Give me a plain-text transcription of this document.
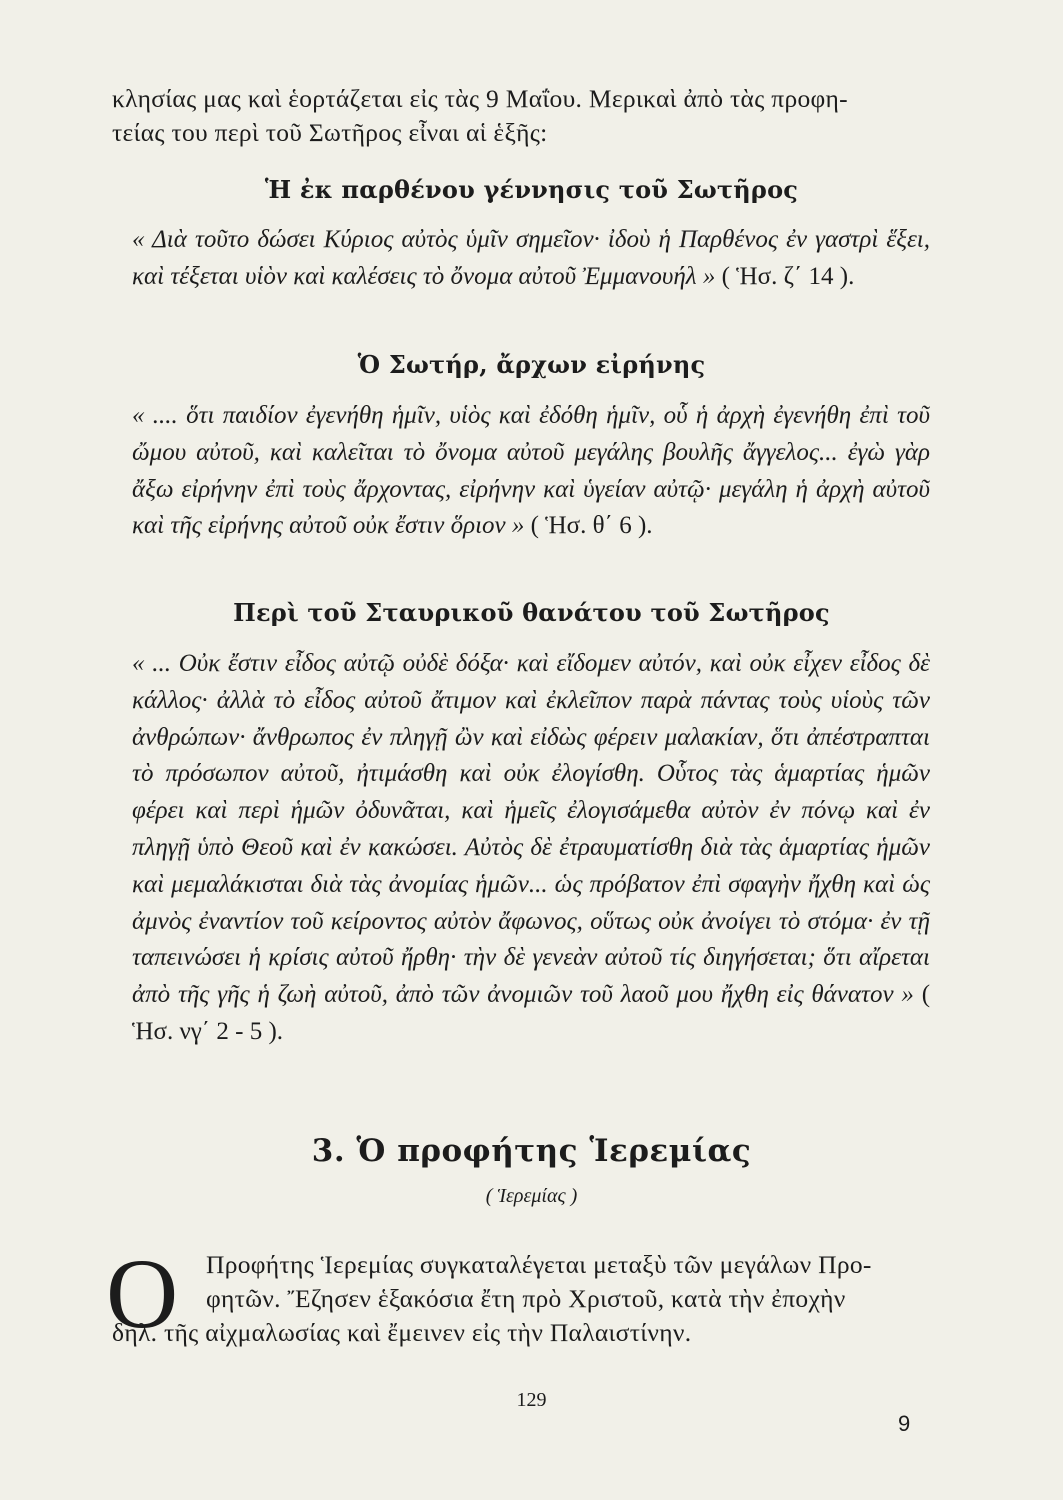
κλησίας μας καὶ ἑορτάζεται εἰς τὰς 9 Μαΐου. Μερικαὶ ἀπὸ τὰς προφη-

τείας του περὶ τοῦ Σωτῆρος εἶναι αἱ ἑξῆς:

Ἡ ἐκ παρθένου γέννησις τοῦ Σωτῆρος

« Διὰ τοῦτο δώσει Κύριος αὐτὸς ὑμῖν σημεῖον· ἰδοὺ ἡ Παρθένος ἐν γαστρὶ ἕξει, καὶ τέξεται υἱὸν καὶ καλέσεις τὸ ὄνομα αὐτοῦ Ἐμμανουήλ » ( Ἡσ. ζ΄ 14 ).

Ὁ Σωτήρ, ἄρχων εἰρήνης

« .... ὅτι παιδίον ἐγενήθη ἡμῖν, υἱὸς καὶ ἐδόθη ἡμῖν, οὗ ἡ ἀρχὴ ἐγενήθη ἐπὶ τοῦ ὤμου αὐτοῦ, καὶ καλεῖται τὸ ὄνομα αὐτοῦ μεγάλης βουλῆς ἄγγελος... ἐγὼ γὰρ ἄξω εἰρήνην ἐπὶ τοὺς ἄρχοντας, εἰρήνην καὶ ὑγείαν αὐτῷ· μεγάλη ἡ ἀρχὴ αὐτοῦ καὶ τῆς εἰρήνης αὐτοῦ οὐκ ἔστιν ὅριον » ( Ἡσ. θ΄ 6 ).

Περὶ τοῦ Σταυρικοῦ θανάτου τοῦ Σωτῆρος

« ... Οὐκ ἔστιν εἶδος αὐτῷ οὐδὲ δόξα· καὶ εἴδομεν αὐτόν, καὶ οὐκ εἶχεν εἶδος δὲ κάλλος· ἀλλὰ τὸ εἶδος αὐτοῦ ἄτιμον καὶ ἐκλεῖπον παρὰ πάντας τοὺς υἱοὺς τῶν ἀνθρώπων· ἄνθρωπος ἐν πληγῇ ὢν καὶ εἰδὼς φέρειν μαλακίαν, ὅτι ἀπέστραπται τὸ πρόσωπον αὐτοῦ, ἠτιμάσθη καὶ οὐκ ἐλογίσθη. Οὗτος τὰς ἁμαρτίας ἡμῶν φέρει καὶ περὶ ἡμῶν ὀδυνᾶται, καὶ ἡμεῖς ἐλογισάμεθα αὐτὸν ἐν πόνῳ καὶ ἐν πληγῇ ὑπὸ Θεοῦ καὶ ἐν κακώσει. Αὐτὸς δὲ ἐτραυματίσθη διὰ τὰς ἁμαρτίας ἡμῶν καὶ μεμαλάκισται διὰ τὰς ἀνομίας ἡμῶν... ὡς πρόβατον ἐπὶ σφαγὴν ἤχθη καὶ ὡς ἀμνὸς ἐναντίον τοῦ κείροντος αὐτὸν ἄφωνος, οὕτως οὐκ ἀνοίγει τὸ στόμα· ἐν τῇ ταπεινώσει ἡ κρίσις αὐτοῦ ἤρθη· τὴν δὲ γενεὰν αὐτοῦ τίς διηγήσεται; ὅτι αἴρεται ἀπὸ τῆς γῆς ἡ ζωὴ αὐτοῦ, ἀπὸ τῶν ἀνομιῶν τοῦ λαοῦ μου ἤχθη εἰς θάνατον » ( Ἡσ. νγ΄ 2 - 5 ).

3. Ὁ προφήτης Ἱερεμίας

( Ἱερεμίας )

Ο	Προφήτης Ἱερεμίας συγκαταλέγεται μεταξὺ τῶν μεγάλων Προ-

φητῶν. Ἔζησεν ἑξακόσια ἔτη πρὸ Χριστοῦ, κατὰ τὴν ἐποχὴν

δηλ. τῆς αἰχμαλωσίας καὶ ἔμεινεν εἰς τὴν Παλαιστίνην.

129

9
